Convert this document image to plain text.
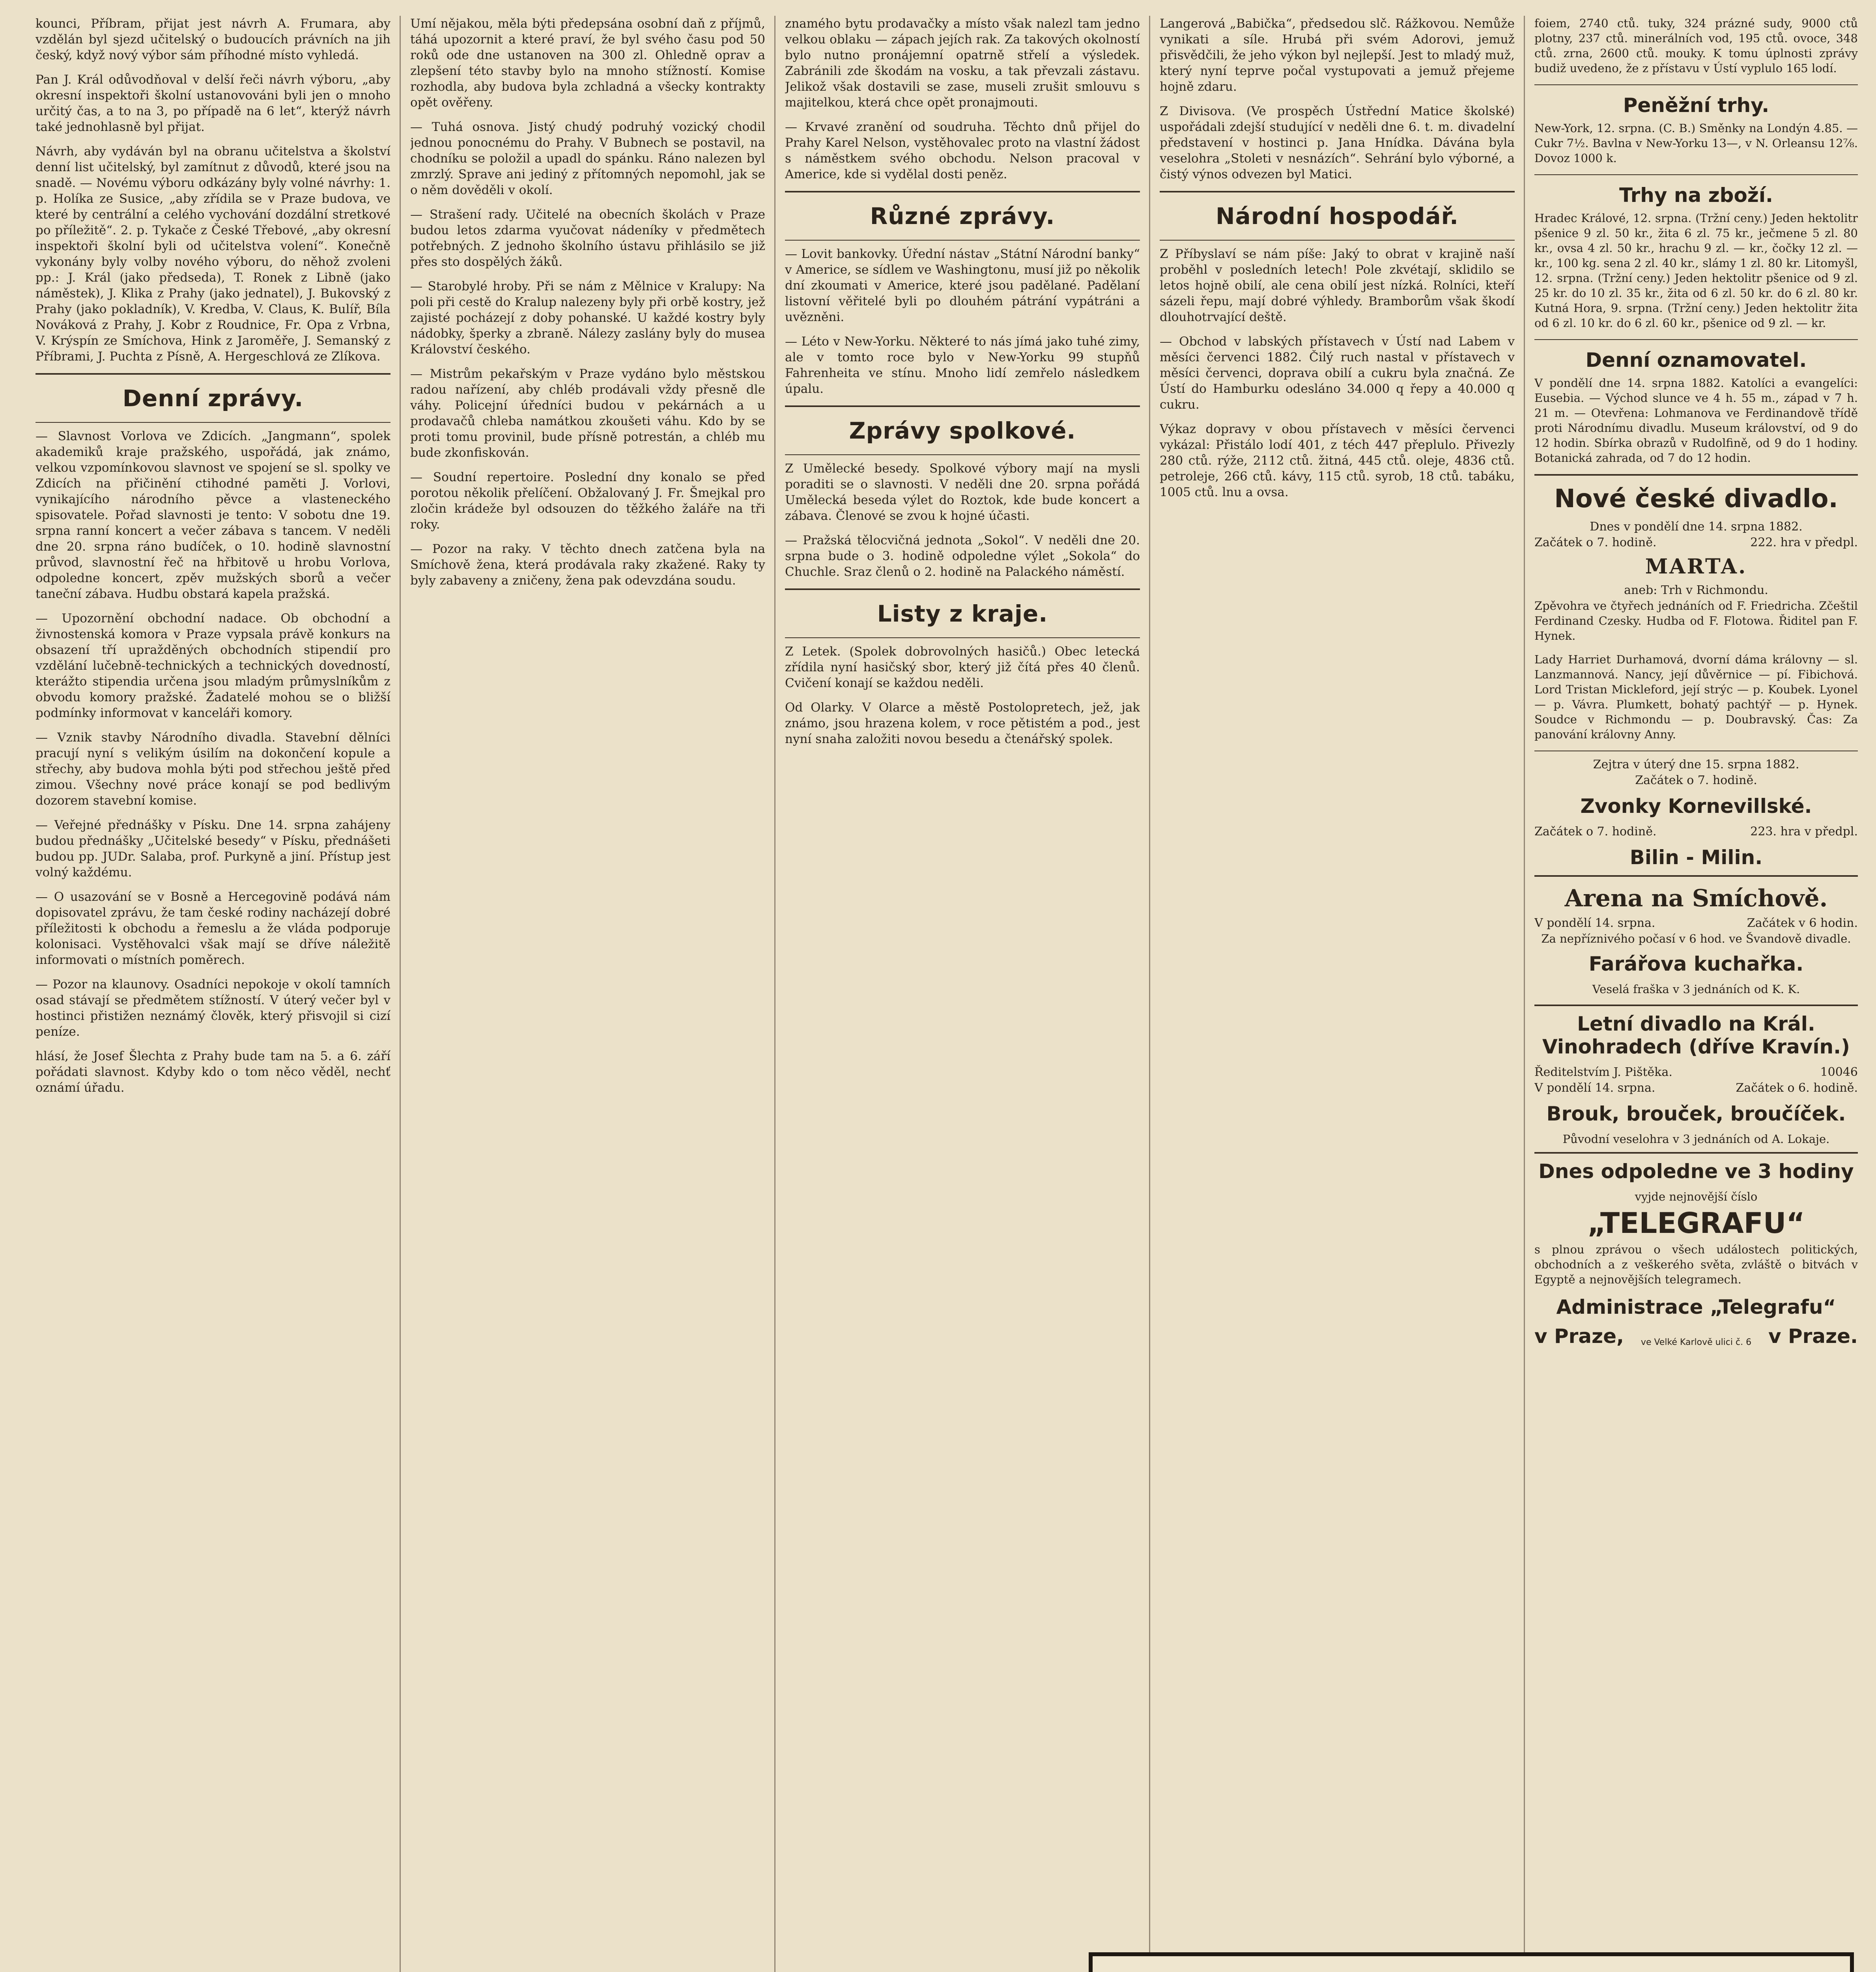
kounci, Příbram, přijat jest návrh A. Frumara, aby vzdělán byl sjezd učitelský o budoucích právních na jih český, když nový výbor sám příhodné místo vyhledá.

Pan J. Král odůvodňoval v delší řeči návrh výboru, „aby okresní inspektoři školní ustanovováni byli jen o mnoho určitý čas, a to na 3, po případě na 6 let“, kterýž návrh také jednohlasně byl přijat.

Návrh, aby vydáván byl na obranu učitelstva a školství denní list učitelský, byl zamítnut z důvodů, které jsou na snadě. — Novému výboru odkázány byly volné návrhy: 1. p. Holíka ze Susice, „aby zřídila se v Praze budova, ve které by centrální a celého vychování dozdální stretkové po příležitě“. 2. p. Tykače z České Třebové, „aby okresní inspektoři školní byli od učitelstva volení“. Konečně vykonány byly volby nového výboru, do něhož zvoleni pp.: J. Král (jako předseda), T. Ronek z Libně (jako náměstek), J. Klika z Prahy (jako jednatel), J. Bukovský z Prahy (jako pokladník), V. Kredba, V. Claus, K. Bulíř, Bíla Nováková z Prahy, J. Kobr z Roudnice, Fr. Opa z Vrbna, V. Krýspín ze Smíchova, Hink z Jaroměře, J. Semanský z Příbrami, J. Puchta z Písně, A. Hergeschlová ze Zlíkova.

Denní zprávy.

— Slavnost Vorlova ve Zdicích. „Jangmann“, spolek akademiků kraje pražského, uspořádá, jak známo, velkou vzpomínkovou slavnost ve spojení se sl. spolky ve Zdicích na přičinění ctihodné paměti J. Vorlovi, vynikajícího národního pěvce a vlasteneckého spisovatele. Pořad slavnosti je tento: V sobotu dne 19. srpna ranní koncert a večer zábava s tancem. V neděli dne 20. srpna ráno budíček, o 10. hodině slavnostní průvod, slavnostní řeč na hřbitově u hrobu Vorlova, odpoledne koncert, zpěv mužských sborů a večer taneční zábava. Hudbu obstará kapela pražská.

— Upozornění obchodní nadace. Ob obchodní a živnostenská komora v Praze vypsala právě konkurs na obsazení tří upražděných obchodních stipendií pro vzdělání lučebně-technických a technických dovedností, kterážto stipendia určena jsou mladým průmyslníkům z obvodu komory pražské. Žadatelé mohou se o bližší podmínky informovat v kanceláři komory.

— Vznik stavby Národního divadla. Stavební dělníci pracují nyní s velikým úsilím na dokončení kopule a střechy, aby budova mohla býti pod střechou ještě před zimou. Všechny nové práce konají se pod bedlivým dozorem stavební komise.

— Veřejné přednášky v Písku. Dne 14. srpna zahájeny budou přednášky „Učitelské besedy“ v Písku, přednášeti budou pp. JUDr. Salaba, prof. Purkyně a jiní. Přístup jest volný každému.

— O usazování se v Bosně a Hercegovině podává nám dopisovatel zprávu, že tam české rodiny nacházejí dobré příležitosti k obchodu a řemeslu a že vláda podporuje kolonisaci. Vystěhovalci však mají se dříve náležitě informovati o místních poměrech.

— Pozor na klaunovy. Osadníci nepokoje v okolí tamních osad stávají se předmětem stížností. V úterý večer byl v hostinci přistižen neznámý člověk, který přisvojil si cizí peníze.

hlásí, že Josef Šlechta z Prahy bude tam na 5. a 6. září pořádati slavnost. Kdyby kdo o tom něco věděl, nechť oznámí úřadu.

Umí nějakou, měla býti předepsána osobní daň z příjmů, táhá upozornit a které praví, že byl svého času pod 50 roků ode dne ustanoven na 300 zl. Ohledně oprav a zlepšení této stavby bylo na mnoho stížností. Komise rozhodla, aby budova byla zchladná a všecky kontrakty opět ověřeny.

— Tuhá osnova. Jistý chudý podruhý vozický chodil jednou ponocnému do Prahy. V Bubnech se postavil, na chodníku se položil a upadl do spánku. Ráno nalezen byl zmrzlý. Sprave ani jediný z přítomných nepomohl, jak se o něm dověděli v okolí.

— Strašení rady. Učitelé na obecních školách v Praze budou letos zdarma vyučovat nádeníky v předmětech potřebných. Z jednoho školního ústavu přihlásilo se již přes sto dospělých žáků.

— Starobylé hroby. Při se nám z Mělnice v Kralupy: Na poli při cestě do Kralup nalezeny byly při orbě kostry, jež zajisté pocházejí z doby pohanské. U každé kostry byly nádobky, šperky a zbraně. Nálezy zaslány byly do musea Království českého.

— Mistrům pekařským v Praze vydáno bylo městskou radou nařízení, aby chléb prodávali vždy přesně dle váhy. Policejní úředníci budou v pekárnách a u prodavačů chleba namátkou zkoušeti váhu. Kdo by se proti tomu provinil, bude přísně potrestán, a chléb mu bude zkonfiskován.

— Soudní repertoire. Poslední dny konalo se před porotou několik přelíčení. Obžalovaný J. Fr. Šmejkal pro zločin krádeže byl odsouzen do těžkého žaláře na tři roky.

— Pozor na raky. V těchto dnech zatčena byla na Smíchově žena, která prodávala raky zkažené. Raky ty byly zabaveny a zničeny, žena pak odevzdána soudu.

znamého bytu prodavačky a místo však nalezl tam jedno velkou oblaku — zápach jejích rak. Za takových okolností bylo nutno pronájemní opatrně střelí a výsledek. Zabránili zde škodám na vosku, a tak převzali zástavu. Jelikož však dostavili se zase, museli zrušit smlouvu s majitelkou, která chce opět pronajmouti.

— Krvavé zranění od soudruha. Těchto dnů přijel do Prahy Karel Nelson, vystěhovalec proto na vlastní žádost s náměstkem svého obchodu. Nelson pracoval v Americe, kde si vydělal dosti peněz.

Různé zprávy.

— Lovit bankovky. Úřední nástav „Státní Národní banky“ v Americe, se sídlem ve Washingtonu, musí již po několik dní zkoumati v Americe, které jsou padělané. Padělaní listovní věřitelé byli po dlouhém pátrání vypátráni a uvězněni.

— Léto v New-Yorku. Některé to nás jímá jako tuhé zimy, ale v tomto roce bylo v New-Yorku 99 stupňů Fahrenheita ve stínu. Mnoho lidí zemřelo následkem úpalu.

Zprávy spolkové.

Z Umělecké besedy. Spolkové výbory mají na mysli poraditi se o slavnosti. V neděli dne 20. srpna pořádá Umělecká beseda výlet do Roztok, kde bude koncert a zábava. Členové se zvou k hojné účasti.

— Pražská tělocvičná jednota „Sokol“. V neděli dne 20. srpna bude o 3. hodině odpoledne výlet „Sokola“ do Chuchle. Sraz členů o 2. hodině na Palackého náměstí.

Listy z kraje.

Z Letek. (Spolek dobrovolných hasičů.) Obec letecká zřídila nyní hasičský sbor, který již čítá přes 40 členů. Cvičení konají se každou neděli.

Od Olarky. V Olarce a městě Postolopretech, jež, jak známo, jsou hrazena kolem, v roce pětistém a pod., jest nyní snaha založiti novou besedu a čtenářský spolek.

Langerová „Babička“, předsedou slč. Rážkovou. Nemůže vynikati a síle. Hrubá při svém Adorovi, jemuž přisvědčili, že jeho výkon byl nejlepší. Jest to mladý muž, který nyní teprve počal vystupovati a jemuž přejeme hojně zdaru.

Z Divisova. (Ve prospěch Ústřední Matice školské) uspořádali zdejší studující v neděli dne 6. t. m. divadelní představení v hostinci p. Jana Hnídka. Dávána byla veselohra „Stoleti v nesnázích“. Sehrání bylo výborné, a čistý výnos odvezen byl Matici.

Národní hospodář.

Z Příbyslaví se nám píše: Jaký to obrat v krajině naší proběhl v posledních letech! Pole zkvétají, sklidilo se letos hojně obilí, ale cena obilí jest nízká. Rolníci, kteří sázeli řepu, mají dobré výhledy. Bramborům však škodí dlouhotrvající deště.

— Obchod v labských přístavech v Ústí nad Labem v měsíci červenci 1882. Čilý ruch nastal v přístavech v měsíci červenci, doprava obilí a cukru byla značná. Ze Ústí do Hamburku odesláno 34.000 q řepy a 40.000 q cukru.

Výkaz dopravy v obou přístavech v měsíci červenci vykázal: Přistálo lodí 401, z téch 447 přeplulo. Přivezly 280 ctů. rýže, 2112 ctů. žitná, 445 ctů. oleje, 4836 ctů. petroleje, 266 ctů. kávy, 115 ctů. syrob, 18 ctů. tabáku, 1005 ctů. lnu a ovsa.

foiem, 2740 ctů. tuky, 324 prázné sudy, 9000 ctů plotny, 237 ctů. minerálních vod, 195 ctů. ovoce, 348 ctů. zrna, 2600 ctů. mouky. K tomu úplnosti zprávy budiž uvedeno, že z přístavu v Ústí vyplulo 165 lodí.

Peněžní trhy.

New-York, 12. srpna. (C. B.) Směnky na Londýn 4.85. — Cukr 7½. Bavlna v New-Yorku 13—, v N. Orleansu 12⅞. Dovoz 1000 k.

Trhy na zboží.

Hradec Králové, 12. srpna. (Tržní ceny.) Jeden hektolitr pšenice 9 zl. 50 kr., žita 6 zl. 75 kr., ječmene 5 zl. 80 kr., ovsa 4 zl. 50 kr., hrachu 9 zl. — kr., čočky 12 zl. — kr., 100 kg. sena 2 zl. 40 kr., slámy 1 zl. 80 kr. Litomyšl, 12. srpna. (Tržní ceny.) Jeden hektolitr pšenice od 9 zl. 25 kr. do 10 zl. 35 kr., žita od 6 zl. 50 kr. do 6 zl. 80 kr. Kutná Hora, 9. srpna. (Tržní ceny.) Jeden hektolitr žita od 6 zl. 10 kr. do 6 zl. 60 kr., pšenice od 9 zl. — kr.

Denní oznamovatel.

V pondělí dne 14. srpna 1882. Katolíci a evangelíci: Eusebia. — Východ slunce ve 4 h. 55 m., západ v 7 h. 21 m. — Otevřena: Lohmanova ve Ferdinandově třídě proti Národnímu divadlu. Museum království, od 9 do 12 hodin. Sbírka obrazů v Rudolfině, od 9 do 1 hodiny. Botanická zahrada, od 7 do 12 hodin.

Nové české divadlo.
Dnes v pondělí dne 14. srpna 1882.
Začátek o 7. hodině.	222. hra v předpl.
MARTA.
aneb: Trh v Richmondu.

Zpěvohra ve čtyřech jednáních od F. Friedricha. Zčeštil Ferdinand Czesky. Hudba od F. Flotowa. Řiditel pan F. Hynek.

Lady Harriet Durhamová, dvorní dáma královny — sl. Lanzmannová. Nancy, její důvěrnice — pí. Fibichová. Lord Tristan Mickleford, její strýc — p. Koubek. Lyonel — p. Vávra. Plumkett, bohatý pachtýř — p. Hynek. Soudce v Richmondu — p. Doubravský. Čas: Za panování královny Anny.

Zejtra v úterý dne 15. srpna 1882.
Začátek o 7. hodině.
Zvonky Kornevillské.
Začátek o 7. hodině.	223. hra v předpl.
Bilin - Milin.
Arena na Smíchově.
V pondělí 14. srpna.	Začátek v 6 hodin.
Za nepříznivého počasí v 6 hod. ve Švandově divadle.
Farářova kuchařka.
Veselá fraška v 3 jednáních od K. K.
Letní divadlo na Král. Vinohradech (dříve Kravín.)
Ředitelstvím J. Pištěka.	10046
V pondělí 14. srpna.	Začátek o 6. hodině.
Brouk, brouček, broučíček.
Původní veselohra v 3 jednáních od A. Lokaje.
Dnes odpoledne ve 3 hodiny
vyjde nejnovější číslo
„TELEGRAFU“

s plnou zprávou o všech událostech politických, obchodních a z veškerého světa, zvláště o bitvách v Egyptě a nejnovějších telegramech.

Administrace „Telegrafu“
v Praze, ve Velké Karlově ulici č. 6 v Praze.
